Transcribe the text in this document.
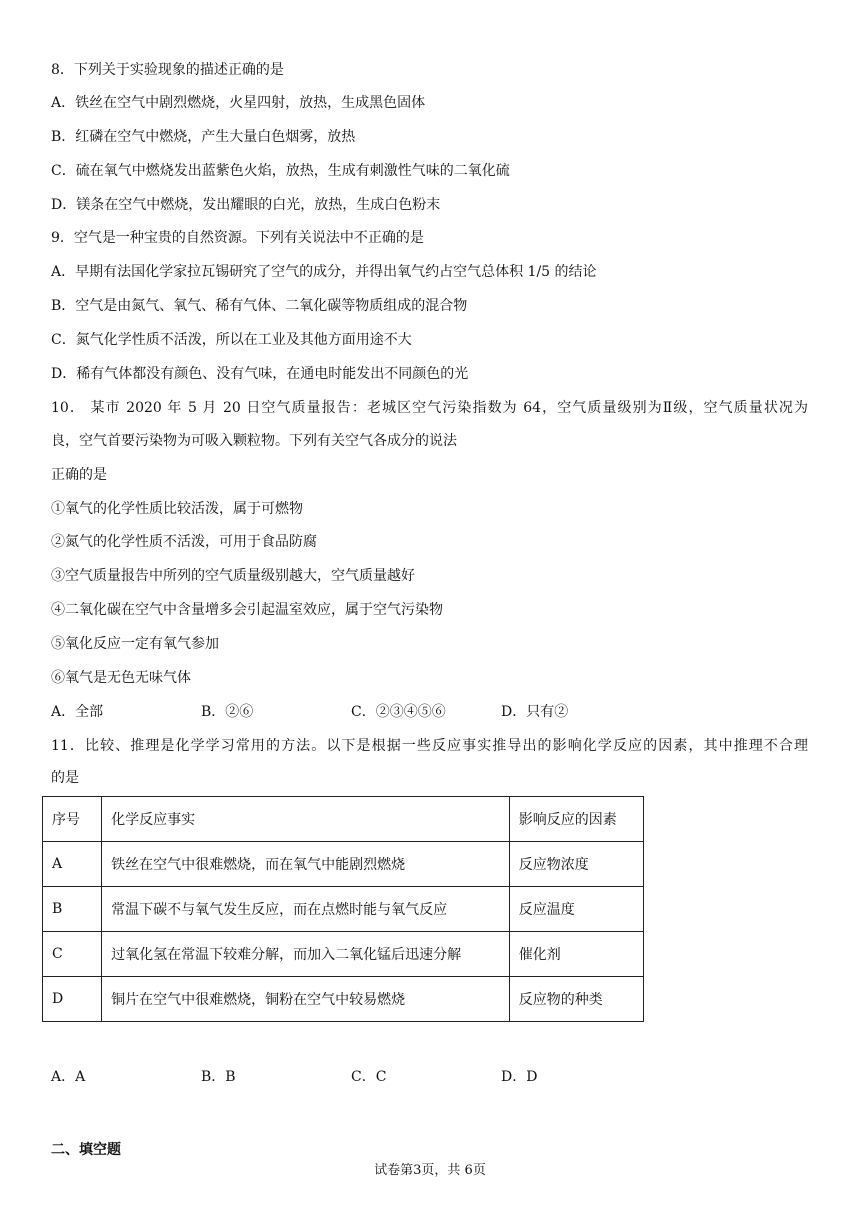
8．下列关于实验现象的描述正确的是
A．铁丝在空气中剧烈燃烧，火星四射，放热，生成黑色固体
B．红磷在空气中燃烧，产生大量白色烟雾，放热
C．硫在氧气中燃烧发出蓝紫色火焰，放热，生成有刺激性气味的二氧化硫
D．镁条在空气中燃烧，发出耀眼的白光，放热，生成白色粉末
9．空气是一种宝贵的自然资源。下列有关说法中不正确的是
A．早期有法国化学家拉瓦锡研究了空气的成分，并得出氧气约占空气总体积 1/5 的结论
B．空气是由氮气、氧气、稀有气体、二氧化碳等物质组成的混合物
C．氮气化学性质不活泼，所以在工业及其他方面用途不大
D．稀有气体都没有颜色、没有气味，在通电时能发出不同颜色的光
10． 某市 2020 年 5 月 20 日空气质量报告：老城区空气污染指数为 64，空气质量级别为Ⅱ级，空气质量状况为
良，空气首要污染物为可吸入颗粒物。下列有关空气各成分的说法
正确的是
①氧气的化学性质比较活泼，属于可燃物
②氮气的化学性质不活泼，可用于食品防腐
③空气质量报告中所列的空气质量级别越大，空气质量越好
④二氧化碳在空气中含量增多会引起温室效应，属于空气污染物
⑤氧化反应一定有氧气参加
⑥氧气是无色无味气体
A．全部	B．②⑥	C．②③④⑤⑥	D．只有②
11．比较、推理是化学学习常用的方法。以下是根据一些反应事实推导出的影响化学反应的因素，其中推理不合理
的是
序号	化学反应事实	影响反应的因素
A	铁丝在空气中很难燃烧，而在氧气中能剧烈燃烧	反应物浓度
B	常温下碳不与氧气发生反应，而在点燃时能与氧气反应	反应温度
C	过氧化氢在常温下较难分解，而加入二氧化锰后迅速分解	催化剂
D	铜片在空气中很难燃烧，铜粉在空气中较易燃烧	反应物的种类
A．A	B．B	C．C	D．D
二、填空题
试卷第3页，共 6页
